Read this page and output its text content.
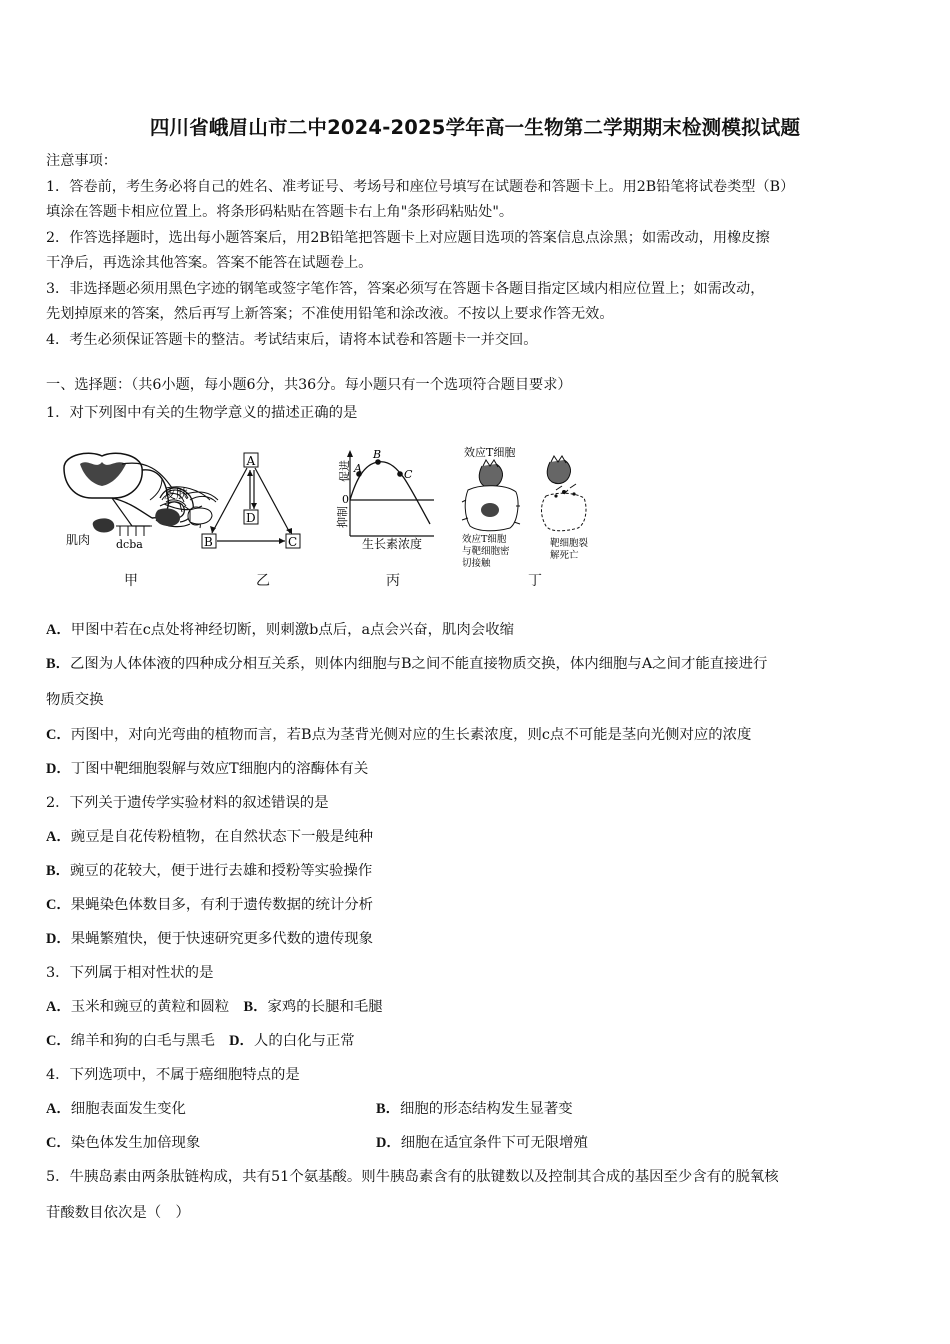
四川省峨眉山市二中2024-2025学年高一生物第二学期期末检测模拟试题

注意事项：

1．答卷前，考生务必将自己的姓名、准考证号、考场号和座位号填写在试题卷和答题卡上。用2B铅笔将试卷类型（B）

填涂在答题卡相应位置上。将条形码粘贴在答题卡右上角"条形码粘贴处"。

2．作答选择题时，选出每小题答案后，用2B铅笔把答题卡上对应题目选项的答案信息点涂黑；如需改动，用橡皮擦

干净后，再选涂其他答案。答案不能答在试题卷上。

3．非选择题必须用黑色字迹的钢笔或签字笔作答，答案必须写在答题卡各题目指定区域内相应位置上；如需改动，

先划掉原来的答案，然后再写上新答案；不准使用铅笔和涂改液。不按以上要求作答无效。

4．考生必须保证答题卡的整洁。考试结束后，请将本试卷和答题卡一并交回。

一、选择题：（共6小题，每小题6分，共36分。每小题只有一个选项符合题目要求）
1．对下列图中有关的生物学意义的描述正确的是
皮肤
肌肉 dcba
A
D
B	C
A
B
C
0
促进
抑制
生长素浓度
效应T细胞
效应T细胞
与靶细胞密
切接触
靶细胞裂
解死亡
甲	乙	丙	丁
A．甲图中若在c点处将神经切断，则刺激b点后，a点会兴奋，肌肉会收缩
B．乙图为人体体液的四种成分相互关系，则体内细胞与B之间不能直接物质交换，体内细胞与A之间才能直接进行
物质交换
C．丙图中，对向光弯曲的植物而言，若B点为茎背光侧对应的生长素浓度，则c点不可能是茎向光侧对应的浓度
D．丁图中靶细胞裂解与效应T细胞内的溶酶体有关
2．下列关于遗传学实验材料的叙述错误的是
A．豌豆是自花传粉植物，在自然状态下一般是纯种
B．豌豆的花较大，便于进行去雄和授粉等实验操作
C．果蝇染色体数目多，有利于遗传数据的统计分析
D．果蝇繁殖快，便于快速研究更多代数的遗传现象
3．下列属于相对性状的是
A．玉米和豌豆的黄粒和圆粒　 B．家鸡的长腿和毛腿
C．绵羊和狗的白毛与黑毛　 D．人的白化与正常
4．下列选项中，不属于癌细胞特点的是
A．细胞表面发生变化	B．细胞的形态结构发生显著变
C．染色体发生加倍现象	D．细胞在适宜条件下可无限增殖
5．牛胰岛素由两条肽链构成，共有51个氨基酸。则牛胰岛素含有的肽键数以及控制其合成的基因至少含有的脱氧核
苷酸数目依次是（　）
